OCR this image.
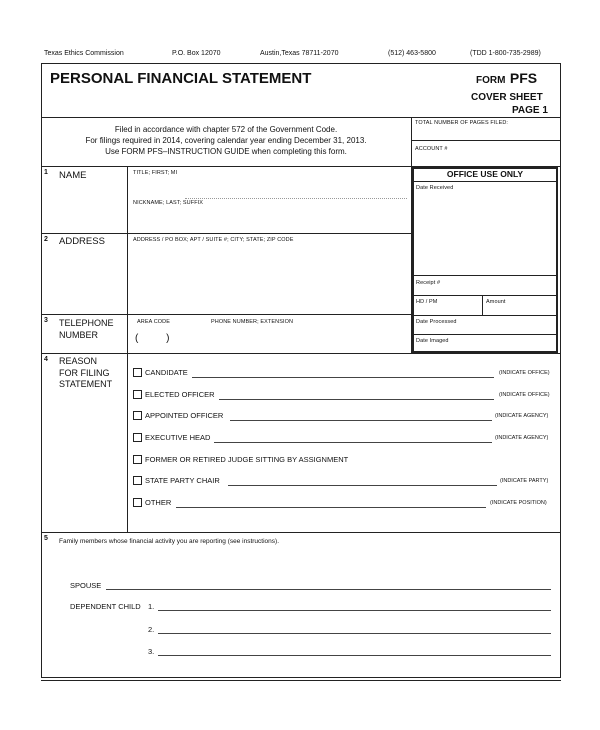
Texas Ethics Commission	P.O. Box 12070	Austin,Texas 78711-2070	(512) 463-5800	(TDD 1-800-735-2989)
PERSONAL FINANCIAL STATEMENT	FORM PFS
COVER SHEET
PAGE 1
Filed in accordance with chapter 572 of the Government Code.
For filings required in 2014, covering calendar year ending December 31, 2013.
Use FORM PFS–INSTRUCTION GUIDE when completing this form.
TOTAL NUMBER OF PAGES FILED:
ACCOUNT #
OFFICE USE ONLY
Date Received
Receipt #
HD / PM	Amount
Date Processed
Date Imaged
1 NAME	TITLE; FIRST; MI
NICKNAME; LAST; SUFFIX
2 ADDRESS	ADDRESS / PO BOX; APT / SUITE #; CITY; STATE; ZIP CODE
3 TELEPHONE
NUMBER
AREA CODE	PHONE NUMBER; EXTENSION
(          )
4 REASON
FOR FILING
STATEMENT
CANDIDATE	(INDICATE OFFICE)
ELECTED OFFICER	(INDICATE OFFICE)
APPOINTED OFFICER	(INDICATE AGENCY)
EXECUTIVE HEAD	(INDICATE AGENCY)
FORMER OR RETIRED JUDGE SITTING BY ASSIGNMENT
STATE PARTY CHAIR	(INDICATE PARTY)
OTHER	(INDICATE POSITION)
5 Family members whose financial activity you are reporting (see instructions).
SPOUSE
DEPENDENT CHILD 1.
2.
3.
